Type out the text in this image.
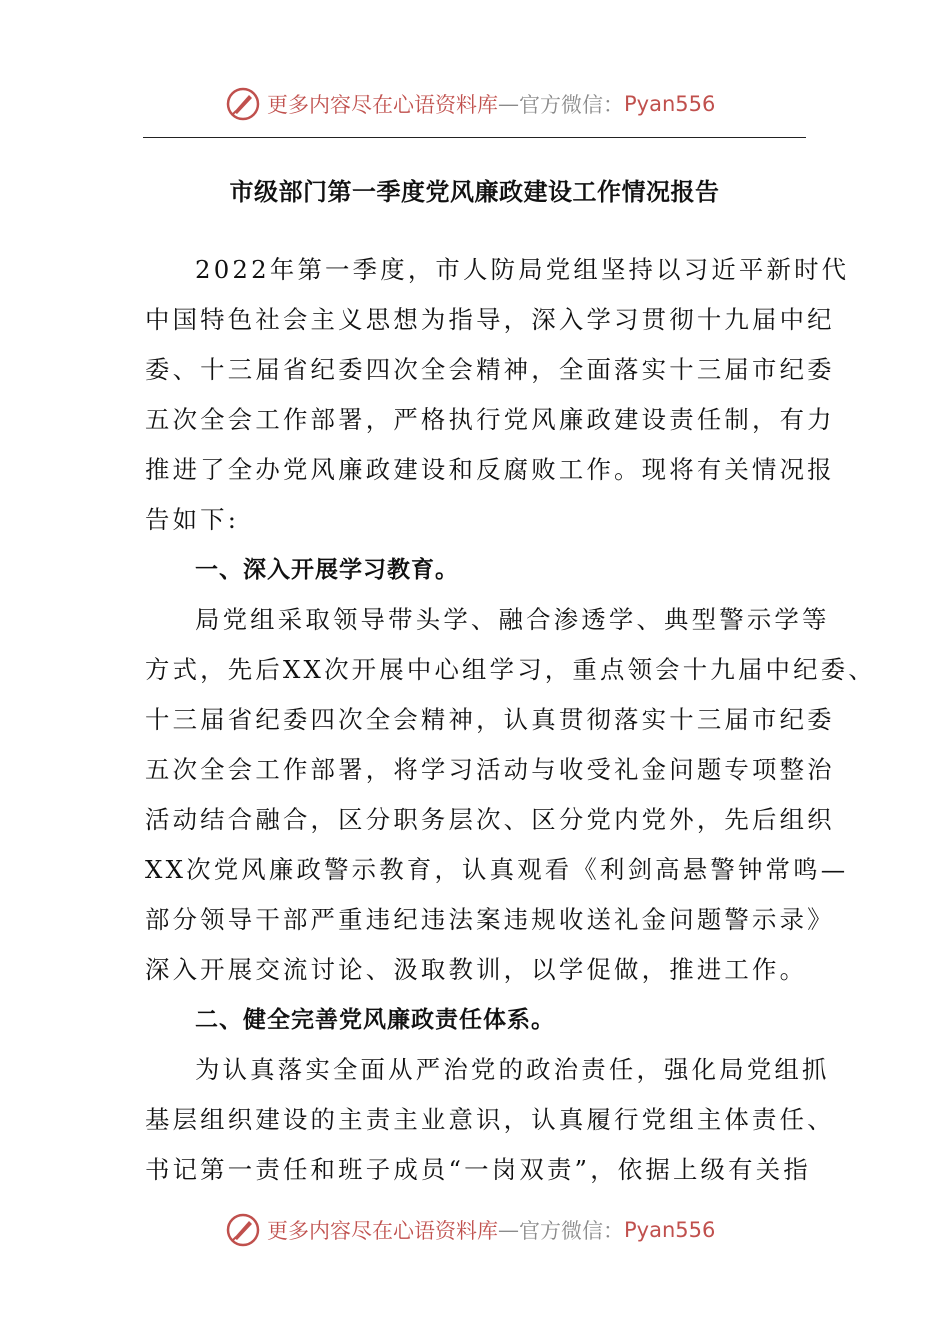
更多内容尽在心语资料库 — 官方微信： Pyan556
市级部门第一季度党风廉政建设工作情况报告
2022年第一季度，市人防局党组坚持以习近平新时代
中国特色社会主义思想为指导，深入学习贯彻十九届中纪
委、十三届省纪委四次全会精神，全面落实十三届市纪委
五次全会工作部署，严格执行党风廉政建设责任制，有力
推进了全办党风廉政建设和反腐败工作。现将有关情况报
告如下:
一、深入开展学习教育。
局党组采取领导带头学、融合渗透学、典型警示学等
方式，先后XX次开展中心组学习，重点领会十九届中纪委、
十三届省纪委四次全会精神，认真贯彻落实十三届市纪委
五次全会工作部署，将学习活动与收受礼金问题专项整治
活动结合融合，区分职务层次、区分党内党外，先后组织
XX次党风廉政警示教育，认真观看《利剑高悬警钟常鸣—
部分领导干部严重违纪违法案违规收送礼金问题警示录》
深入开展交流讨论、汲取教训，以学促做，推进工作。
二、健全完善党风廉政责任体系。
为认真落实全面从严治党的政治责任，强化局党组抓
基层组织建设的主责主业意识，认真履行党组主体责任、
书记第一责任和班子成员“一岗双责”，依据上级有关指
更多内容尽在心语资料库 — 官方微信： Pyan556
